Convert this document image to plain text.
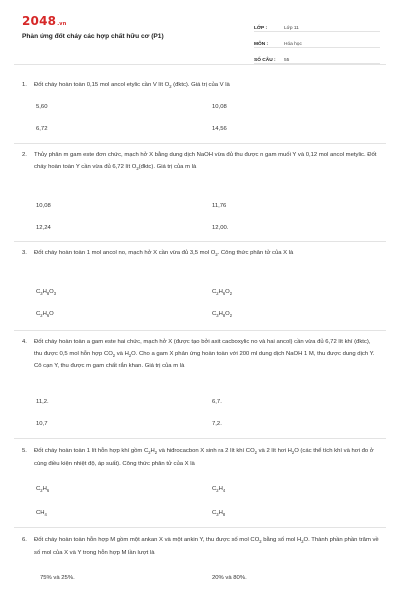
2048.vn
Phản ứng đốt cháy các hợp chất hữu cơ (P1)
LỚP :	Lớp 11
MÔN :	Hóa học
SỐ CÂU :	55
1. Đốt cháy hoàn toàn 0,15 mol ancol etylic cần V lít $O_2$ (đktc). Giá trị của V là
5,60	10,08
6,72	14,56
2. Thủy phân m gam este đơn chức, mạch hở X bằng dung dịch NaOH vừa đủ thu được n gam muối Y và 0,12 mol ancol metylic. Đốt cháy hoàn toàn Y cần vừa đủ 6,72 lít $O_2(đktc)$. Giá trị của m là
10,08	11,76
12,24	12,00.
3. Đốt cháy hoàn toàn 1 mol ancol no, mạch hở X cần vừa đủ 3,5 mol $O_2$. Công thức phân tử của X là
$C_3H_8O_3$	$C_2H_6O_2$
$C_2H_6O$	$C_3H_8O_2$
4. Đốt cháy hoàn toàn a gam este hai chức, mạch hở X (được tạo bởi axit cacboxylic no và hai ancol) cần vừa đủ 6,72 lít khí (đktc), thu được 0,5 mol hỗn hợp $CO_2$ và $H_2O$. Cho a gam X phản ứng hoàn toàn với 200 ml dung dịch NaOH 1 M, thu được dung dịch Y. Cô cạn Y, thu được m gam chất rắn khan. Giá trị của m là
11,2.	6,7.
10,7	7,2.
5. Đốt cháy hoàn toàn 1 lít hỗn hợp khí gồm $C_2H_2$ và hiđrocacbon X sinh ra 2 lít khí $CO_2$ và 2 lít hơi $H_2O$ (các thể tích khí và hơi đo ở cùng điều kiện nhiệt độ, áp suất). Công thức phân tử của X là
$C_2H_6$	$C_2H_4$
$CH_4$	$C_3H_8$
6. Đốt cháy hoàn toàn hỗn hợp M gồm một ankan X và một ankin Y, thu được số mol $CO_2$ bằng số mol $H_2O$. Thành phần phần trăm về số mol của X và Y trong hỗn hợp M lần lượt là
75% và 25%.	20% và 80%.
